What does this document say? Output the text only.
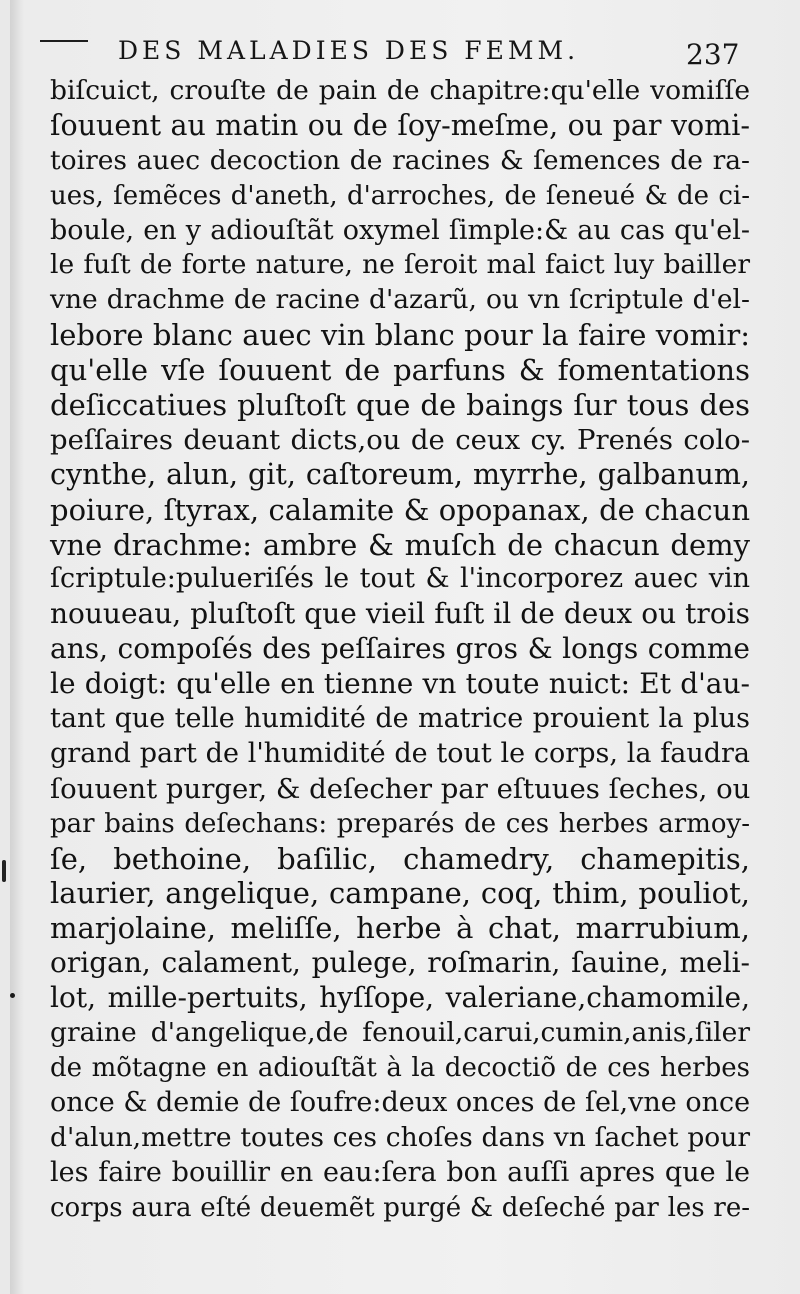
DES MALADIES DES FEMM.	237
biſcuict, crouſte de pain de chapitre:qu'elle vomiſſe
ſouuent au matin ou de ſoy-meſme, ou par vomi-
toires auec decoction de racines & ſemences de ra-
ues, ſemẽces d'aneth, d'arroches, de ſeneué & de ci-
boule, en y adiouſtãt oxymel ſimple:& au cas qu'el-
le fuſt de forte nature, ne ſeroit mal faict luy bailler
vne drachme de racine d'azarũ, ou vn ſcriptule d'el-
lebore blanc auec vin blanc pour la faire vomir:
qu'elle vſe ſouuent de parfuns & fomentations
deſiccatiues pluſtoſt que de baings ſur tous des
peſſaires deuant dicts,ou de ceux cy. Prenés colo-
cynthe, alun, git, caſtoreum, myrrhe, galbanum,
poiure, ſtyrax, calamite & opopanax, de chacun
vne drachme: ambre & muſch de chacun demy
ſcriptule:pulueriſés le tout & l'incorporez auec vin
nouueau, pluſtoſt que vieil fuſt il de deux ou trois
ans, compoſés des peſſaires gros & longs comme
le doigt: qu'elle en tienne vn toute nuict: Et d'au-
tant que telle humidité de matrice prouient la plus
grand part de l'humidité de tout le corps, la faudra
ſouuent purger, & deſecher par eſtuues ſeches, ou
par bains deſechans: preparés de ces herbes armoy-
ſe, bethoine, baſilic, chamedry, chamepitis,
laurier, angelique, campane, coq, thim, pouliot,
marjolaine, meliſſe, herbe à chat, marrubium,
origan, calament, pulege, roſmarin, ſauine, meli-
lot, mille-pertuits, hyſſope, valeriane,chamomile,
graine d'angelique,de fenouil,carui,cumin,anis,ſiler
de mõtagne en adiouſtãt à la decoctiõ de ces herbes
once & demie de ſoufre:deux onces de ſel,vne once
d'alun,mettre toutes ces choſes dans vn ſachet pour
les faire bouillir en eau:ſera bon auſſi apres que le
corps aura eſté deuemẽt purgé & deſeché par les re-
